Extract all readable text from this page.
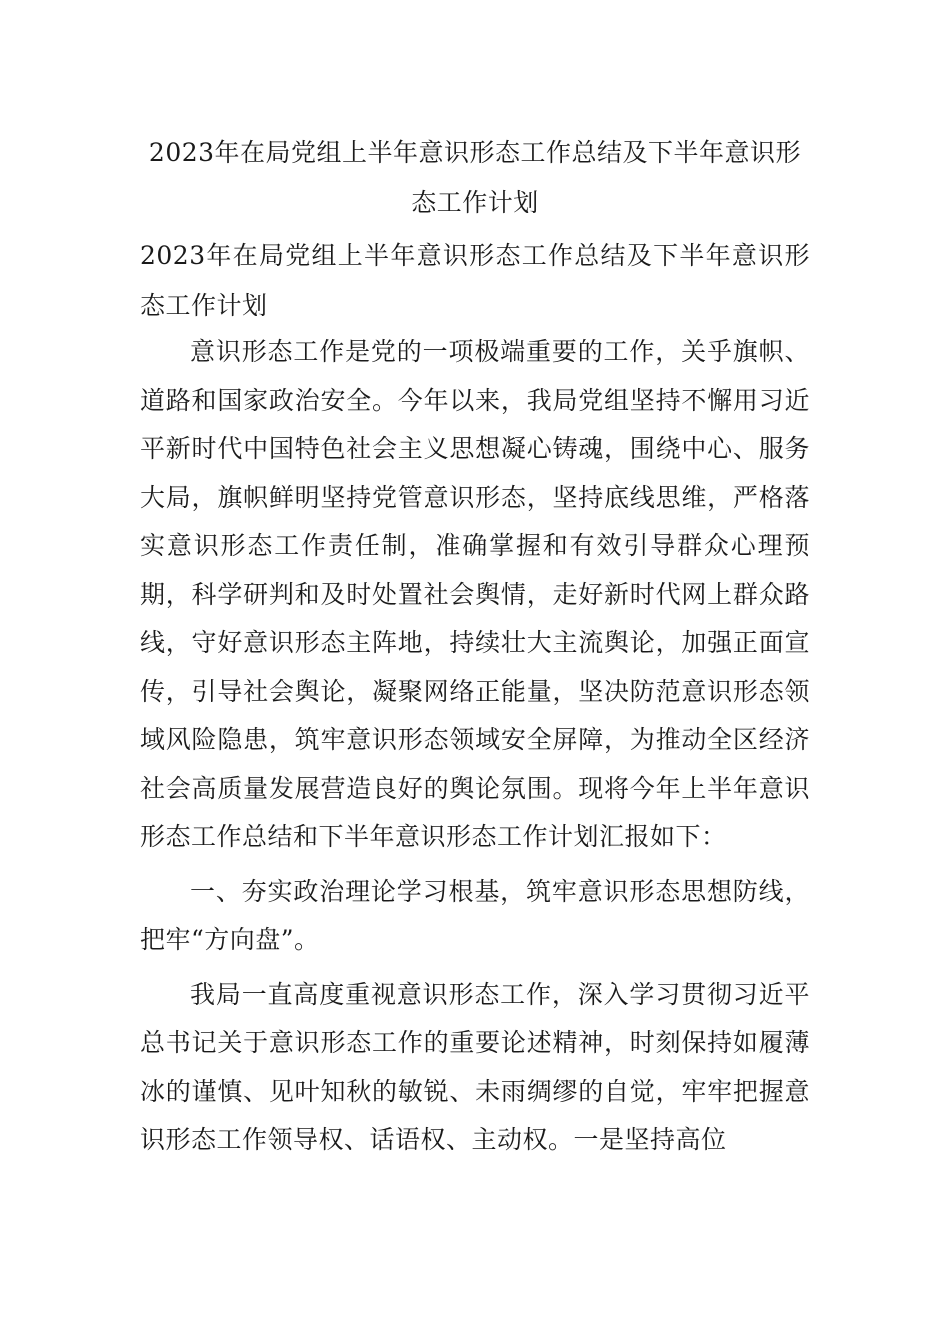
2023年在局党组上半年意识形态工作总结及下半年意识形态工作计划
2023年在局党组上半年意识形态工作总结及下半年意识形态工作计划

意识形态工作是党的一项极端重要的工作，关乎旗帜、道路和国家政治安全。今年以来，我局党组坚持不懈用习近平新时代中国特色社会主义思想凝心铸魂，围绕中心、服务大局，旗帜鲜明坚持党管意识形态，坚持底线思维，严格落实意识形态工作责任制，准确掌握和有效引导群众心理预期，科学研判和及时处置社会舆情，走好新时代网上群众路线，守好意识形态主阵地，持续壮大主流舆论，加强正面宣传，引导社会舆论，凝聚网络正能量，坚决防范意识形态领域风险隐患，筑牢意识形态领域安全屏障，为推动全区经济社会高质量发展营造良好的舆论氛围。现将今年上半年意识形态工作总结和下半年意识形态工作计划汇报如下：

一、夯实政治理论学习根基，筑牢意识形态思想防线，把牢“方向盘”。

我局一直高度重视意识形态工作，深入学习贯彻习近平总书记关于意识形态工作的重要论述精神，时刻保持如履薄冰的谨慎、见叶知秋的敏锐、未雨绸缪的自觉，牢牢把握意识形态工作领导权、话语权、主动权。一是坚持高位
